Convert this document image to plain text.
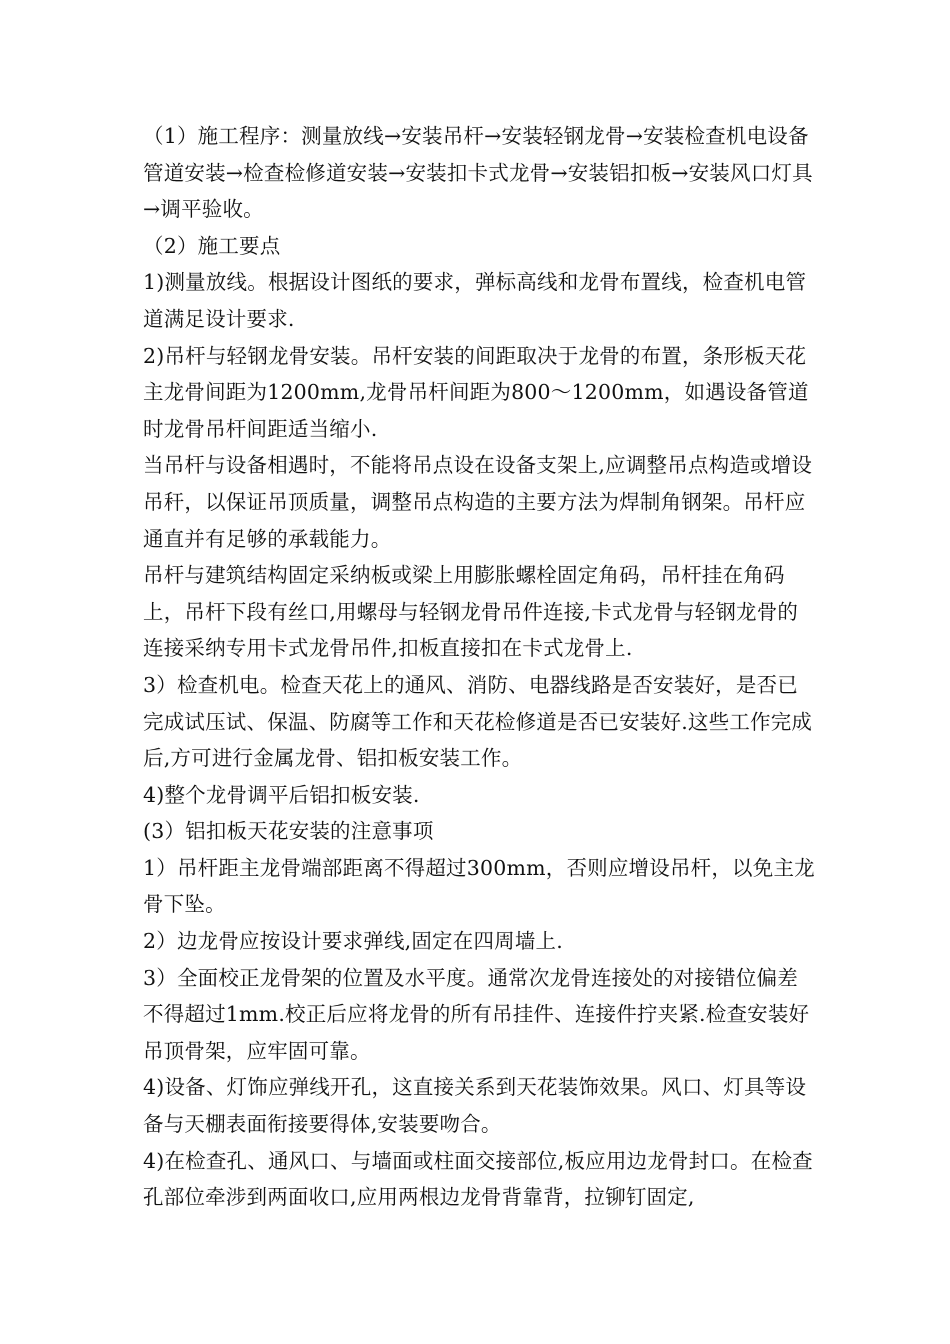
（1）施工程序：测量放线→安装吊杆→安装轻钢龙骨→安装检查机电设备管道安装→检查检修道安装→安装扣卡式龙骨→安装铝扣板→安装风口灯具→调平验收。

（2）施工要点

1)测量放线。根据设计图纸的要求，弹标高线和龙骨布置线，检查机电管道满足设计要求.

2)吊杆与轻钢龙骨安装。吊杆安装的间距取决于龙骨的布置，条形板天花主龙骨间距为1200mm,龙骨吊杆间距为800～1200mm，如遇设备管道时龙骨吊杆间距适当缩小.

当吊杆与设备相遇时，不能将吊点设在设备支架上,应调整吊点构造或增设吊秆，以保证吊顶质量，调整吊点构造的主要方法为焊制角钢架。吊杆应通直并有足够的承载能力。

吊杆与建筑结构固定采纳板或梁上用膨胀螺栓固定角码，吊杆挂在角码上，吊杆下段有丝口,用螺母与轻钢龙骨吊件连接,卡式龙骨与轻钢龙骨的连接采纳专用卡式龙骨吊件,扣板直接扣在卡式龙骨上.

3）检查机电。检查天花上的通风、消防、电器线路是否安装好，是否已完成试压试、保温、防腐等工作和天花检修道是否已安装好.这些工作完成后,方可进行金属龙骨、铝扣板安装工作。

4)整个龙骨调平后铝扣板安装.

(3）铝扣板天花安装的注意事项

1）吊杆距主龙骨端部距离不得超过300mm，否则应增设吊杆，以免主龙骨下坠。

2）边龙骨应按设计要求弹线,固定在四周墙上.

3）全面校正龙骨架的位置及水平度。通常次龙骨连接处的对接错位偏差不得超过1mm.校正后应将龙骨的所有吊挂件、连接件拧夹紧.检查安装好吊顶骨架，应牢固可靠。

4)设备、灯饰应弹线开孔，这直接关系到天花装饰效果。风口、灯具等设备与天棚表面衔接要得体,安装要吻合。

4)在检查孔、通风口、与墙面或柱面交接部位,板应用边龙骨封口。在检查孔部位牵涉到两面收口,应用两根边龙骨背靠背，拉铆钉固定,
